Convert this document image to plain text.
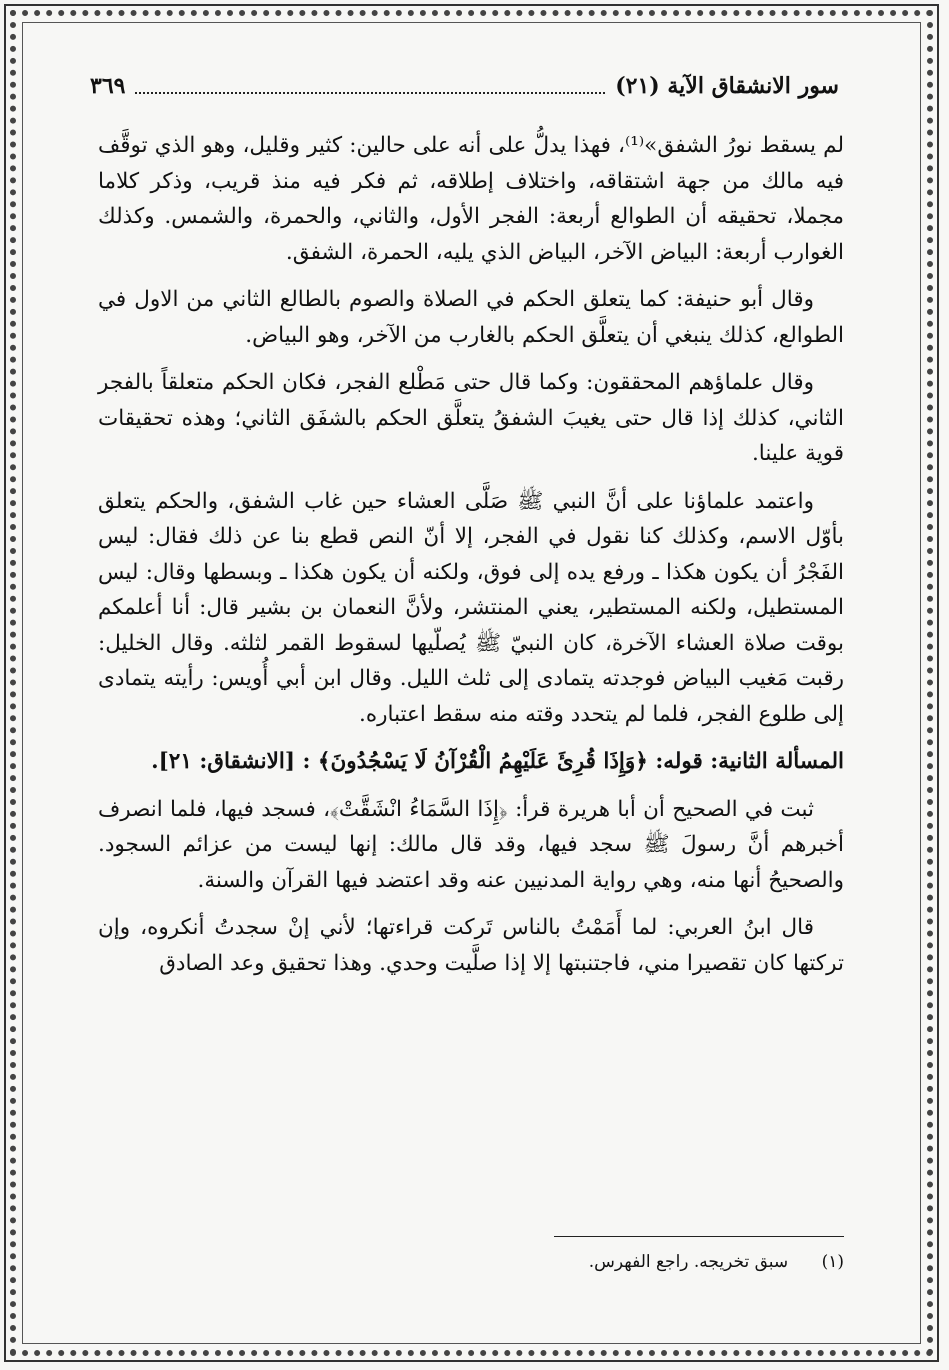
سور الانشقاق الآية (٢١)
٣٦٩

لم يسقط نورُ الشفق»⁽¹⁾، فهذا يدلُّ على أنه على حالين: كثير وقليل، وهو الذي توقَّف فيه مالك من جهة اشتقاقه، واختلاف إطلاقه، ثم فكر فيه منذ قريب، وذكر كلاما مجملا، تحقيقه أن الطوالع أربعة: الفجر الأول، والثاني، والحمرة، والشمس. وكذلك الغوارب أربعة: البياض الآخر، البياض الذي يليه، الحمرة، الشفق.

وقال أبو حنيفة: كما يتعلق الحكم في الصلاة والصوم بالطالع الثاني من الاول في الطوالع، كذلك ينبغي أن يتعلَّق الحكم بالغارب من الآخر، وهو البياض.

وقال علماؤهم المحققون: وكما قال حتى مَطْلع الفجر، فكان الحكم متعلقاً بالفجر الثاني، كذلك إذا قال حتى يغيبَ الشفقُ يتعلَّق الحكم بالشفَق الثاني؛ وهذه تحقيقات قوية علينا.

واعتمد علماؤنا على أنَّ النبي ﷺ صَلَّى العشاء حين غاب الشفق، والحكم يتعلق بأوّل الاسم، وكذلك كنا نقول في الفجر، إلا أنّ النص قطع بنا عن ذلك فقال: ليس الفَجْرُ أن يكون هكذا ـ ورفع يده إلى فوق، ولكنه أن يكون هكذا ـ وبسطها وقال: ليس المستطيل، ولكنه المستطير، يعني المنتشر، ولأنَّ النعمان بن بشير قال: أنا أعلمكم بوقت صلاة العشاء الآخرة، كان النبيّ ﷺ يُصلّيها لسقوط القمر لثلثه. وقال الخليل: رقبت مَغيب البياض فوجدته يتمادى إلى ثلث الليل. وقال ابن أبي أُويس: رأيته يتمادى إلى طلوع الفجر، فلما لم يتحدد وقته منه سقط اعتباره.

المسألة الثانية: قوله: ﴿وَإِذَا قُرِئَ عَلَيْهِمُ الْقُرْآنُ لَا يَسْجُدُونَ﴾ : [الانشقاق: ٢١].

ثبت في الصحيح أن أبا هريرة قرأ: ﴿إِذَا السَّمَاءُ انْشَقَّتْ﴾، فسجد فيها، فلما انصرف أخبرهم أنَّ رسولَ ﷺ سجد فيها، وقد قال مالك: إنها ليست من عزائم السجود. والصحيحُ أنها منه، وهي رواية المدنيين عنه وقد اعتضد فيها القرآن والسنة.

قال ابنُ العربي: لما أَمَمْتُ بالناس تَركت قراءتها؛ لأني إنْ سجدتُ أنكروه، وإن تركتها كان تقصيرا مني، فاجتنبتها إلا إذا صلَّيت وحدي. وهذا تحقيق وعد الصادق

(١) سبق تخريجه. راجع الفهرس.
